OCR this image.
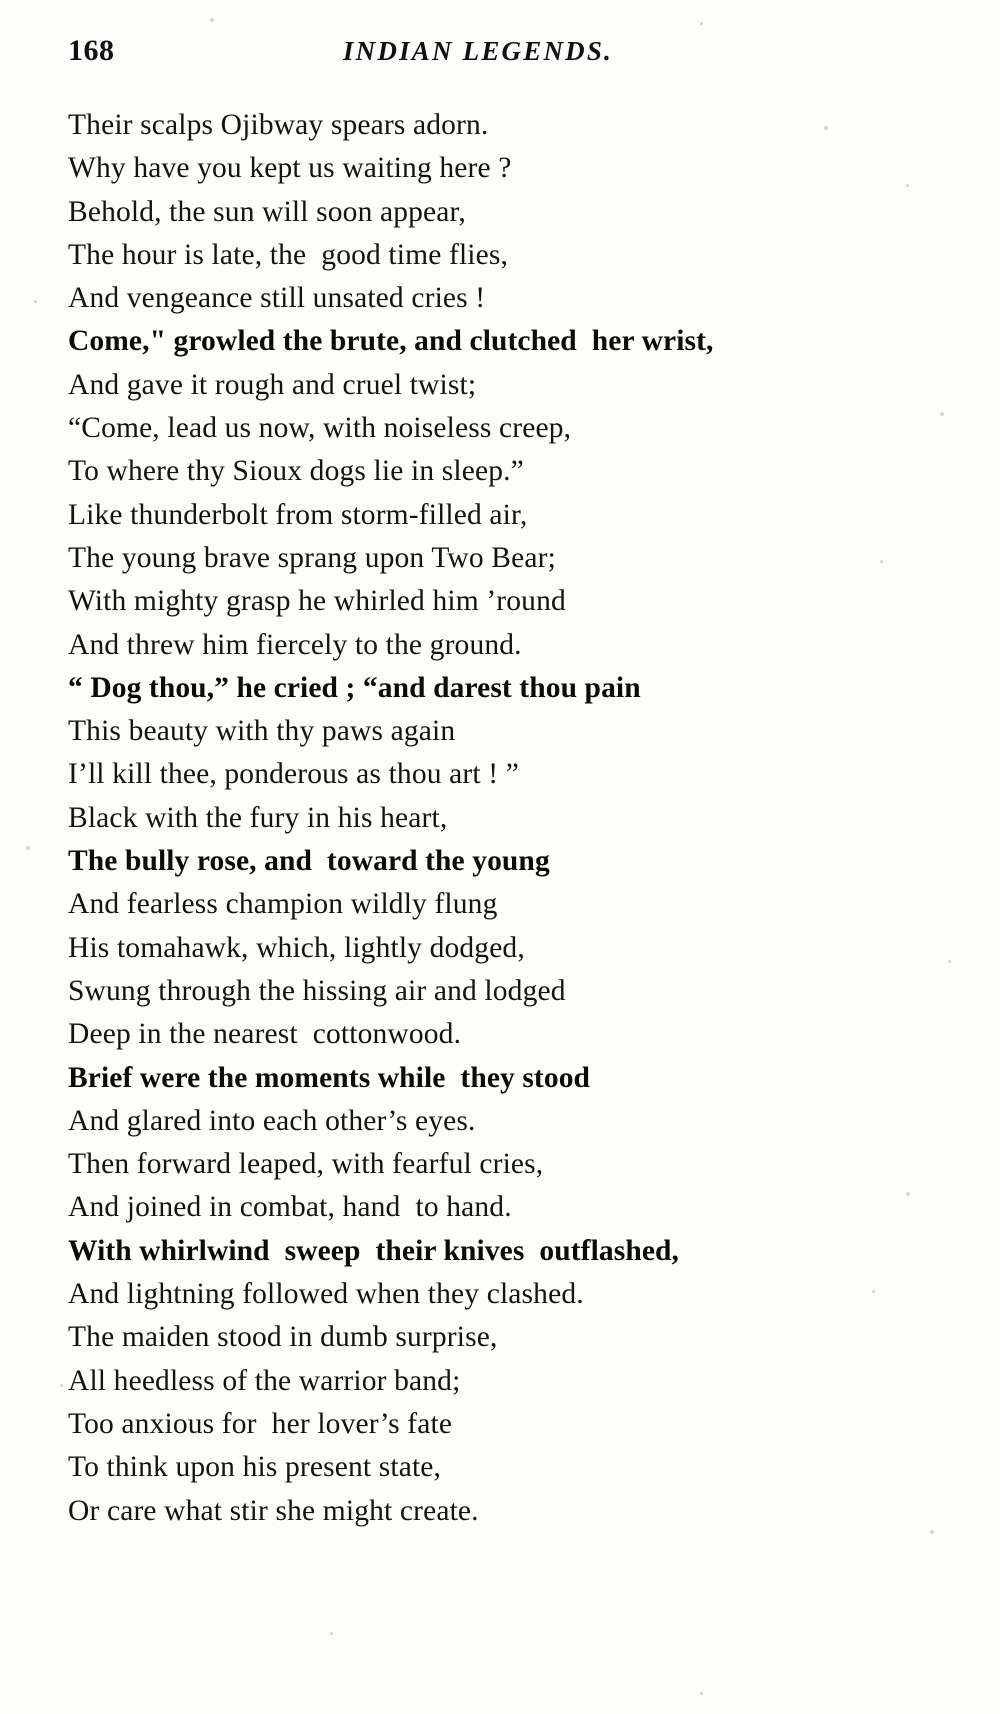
168	INDIAN LEGENDS.
Their scalps Ojibway spears adorn.
Why have you kept us waiting here ?
Behold, the sun will soon appear,
The hour is late, the  good time flies,
And vengeance still unsated cries !
Come," growled the brute, and clutched  her wrist,
And gave it rough and cruel twist;
“Come, lead us now, with noiseless creep,
To where thy Sioux dogs lie in sleep.”
Like thunderbolt from storm-filled air,
The young brave sprang upon Two Bear;
With mighty grasp he whirled him ’round
And threw him fiercely to the ground.
“ Dog thou,” he cried ; “and darest thou pain
This beauty with thy paws again
I’ll kill thee, ponderous as thou art ! ”
Black with the fury in his heart,
The bully rose, and  toward the young
And fearless champion wildly flung
His tomahawk, which, lightly dodged,
Swung through the hissing air and lodged
Deep in the nearest  cottonwood.
Brief were the moments while  they stood
And glared into each other’s eyes.
Then forward leaped, with fearful cries,
And joined in combat, hand  to hand.
With whirlwind  sweep  their knives  outflashed,
And lightning followed when they clashed.
The maiden stood in dumb surprise,
All heedless of the warrior band;
Too anxious for  her lover’s fate
To think upon his present state,
Or care what stir she might create.
